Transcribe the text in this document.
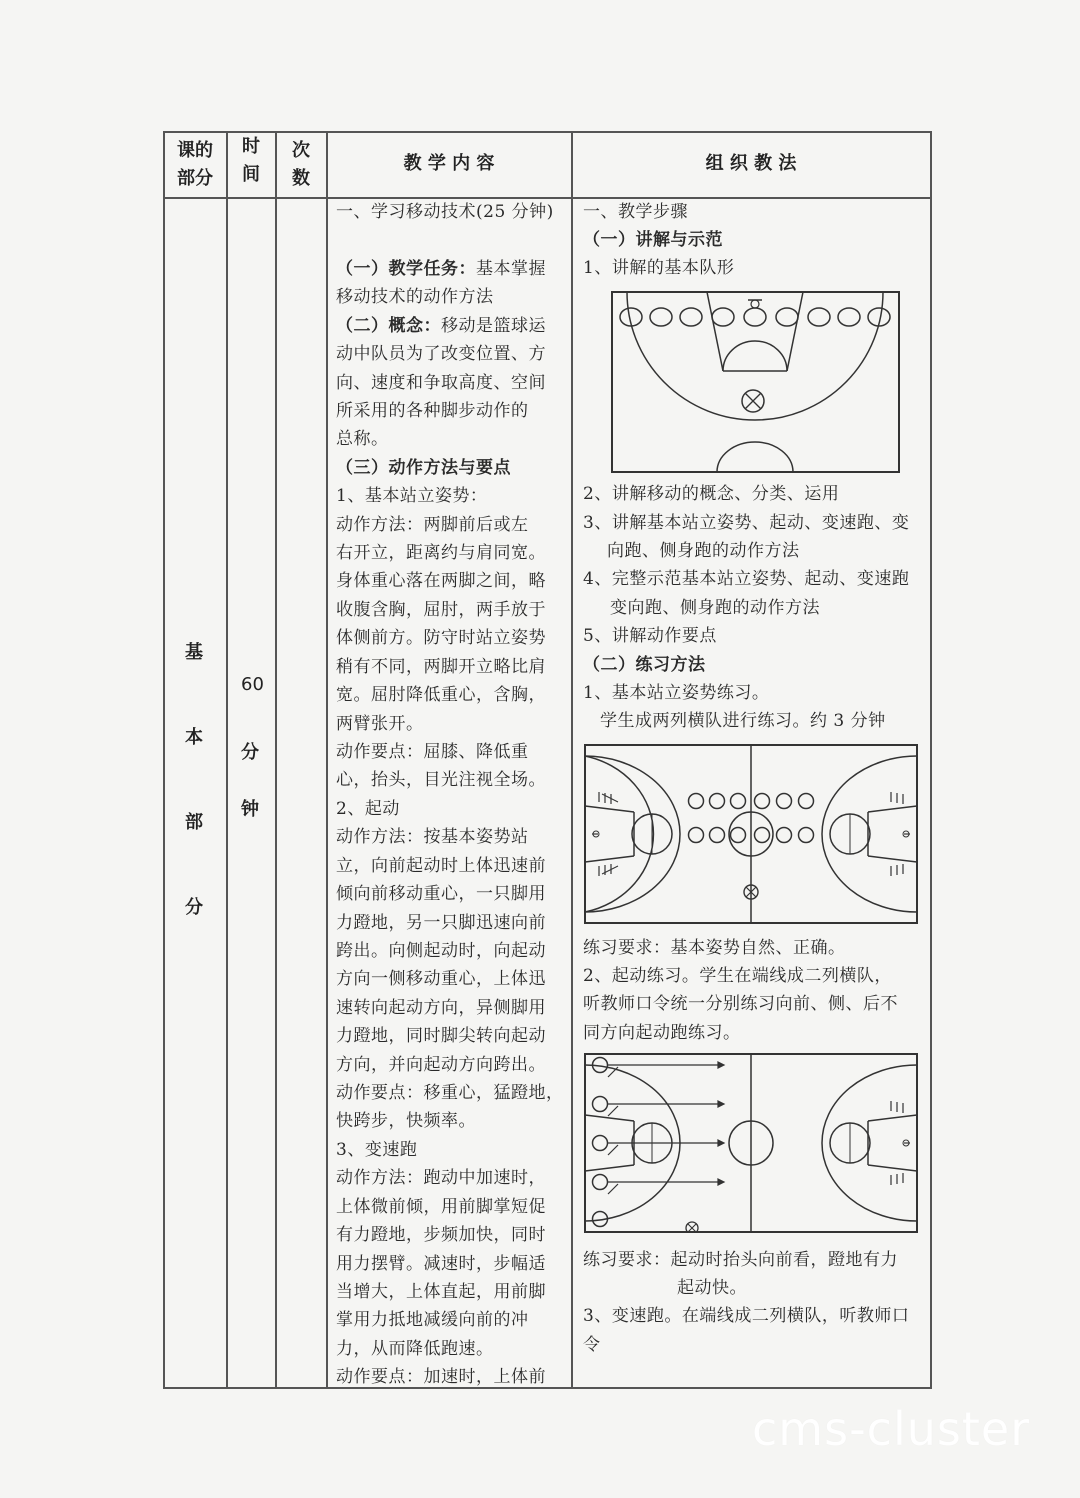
课的
部分
时
间
次
数
教 学 内 容	组 织 教 法
基
本
部
分
60
分
钟
一、学习移动技术(25 分钟)
（一）教学任务：基本掌握
移动技术的动作方法
（二）概念：移动是篮球运
动中队员为了改变位置、方
向、速度和争取高度、空间
所采用的各种脚步动作的
总称。
（三）动作方法与要点
1、基本站立姿势：
动作方法：两脚前后或左
右开立，距离约与肩同宽。
身体重心落在两脚之间，略
收腹含胸，屈肘，两手放于
体侧前方。防守时站立姿势
稍有不同，两脚开立略比肩
宽。屈肘降低重心，含胸，
两臂张开。
动作要点：屈膝、降低重
心，抬头，目光注视全场。
2、起动
动作方法：按基本姿势站
立，向前起动时上体迅速前
倾向前移动重心，一只脚用
力蹬地，另一只脚迅速向前
跨出。向侧起动时，向起动
方向一侧移动重心，上体迅
速转向起动方向，异侧脚用
力蹬地，同时脚尖转向起动
方向，并向起动方向跨出。
动作要点：移重心，猛蹬地，
快跨步，快频率。
3、变速跑
动作方法：跑动中加速时，
上体微前倾，用前脚掌短促
有力蹬地，步频加快，同时
用力摆臂。减速时，步幅适
当增大，上体直起，用前脚
掌用力抵地减缓向前的冲
力，从而降低跑速。
动作要点：加速时，上体前
一、教学步骤
（一）讲解与示范
1、讲解的基本队形
2、讲解移动的概念、分类、运用
3、讲解基本站立姿势、起动、变速跑、变
向跑、侧身跑的动作方法
4、完整示范基本站立姿势、起动、变速跑
变向跑、侧身跑的动作方法
5、讲解动作要点
（二）练习方法
1、基本站立姿势练习。
学生成两列横队进行练习。约 3 分钟
练习要求：基本姿势自然、正确。
2、起动练习。学生在端线成二列横队，
听教师口令统一分别练习向前、侧、后不
同方向起动跑练习。
练习要求：起动时抬头向前看，蹬地有力
起动快。
3、变速跑。在端线成二列横队，听教师口
令
cms-cluster
